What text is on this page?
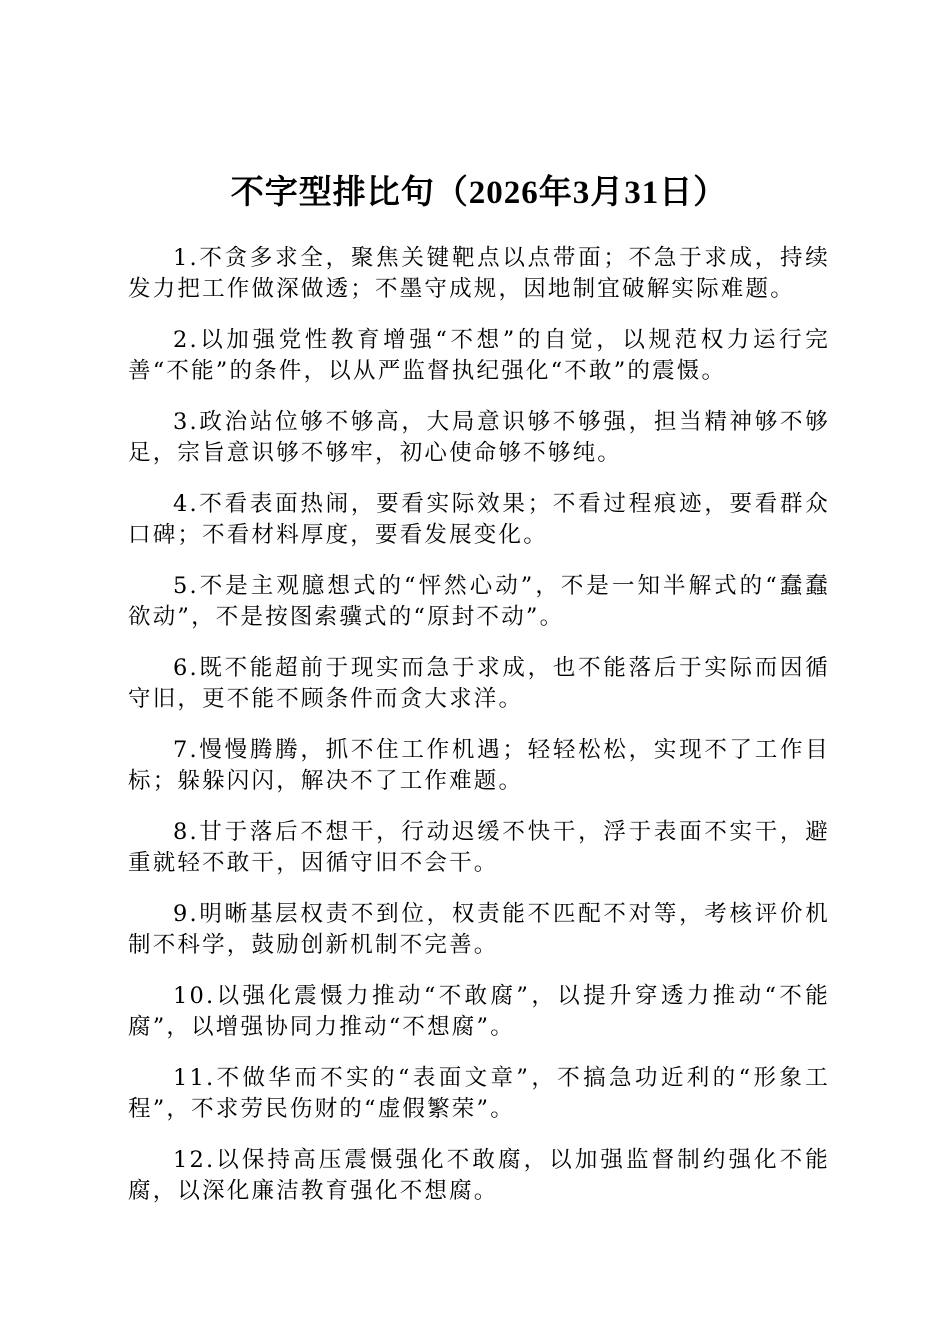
不字型排比句（2026年3月31日）

1.不贪多求全，聚焦关键靶点以点带面；不急于求成，持续发力把工作做深做透；不墨守成规，因地制宜破解实际难题。

2.以加强党性教育增强“不想”的自觉，以规范权力运行完善“不能”的条件，以从严监督执纪强化“不敢”的震慑。

3.政治站位够不够高，大局意识够不够强，担当精神够不够足，宗旨意识够不够牢，初心使命够不够纯。

4.不看表面热闹，要看实际效果；不看过程痕迹，要看群众口碑；不看材料厚度，要看发展变化。

5.不是主观臆想式的“怦然心动”，不是一知半解式的“蠢蠢欲动”，不是按图索骥式的“原封不动”。

6.既不能超前于现实而急于求成，也不能落后于实际而因循守旧，更不能不顾条件而贪大求洋。

7.慢慢腾腾，抓不住工作机遇；轻轻松松，实现不了工作目标；躲躲闪闪，解决不了工作难题。

8.甘于落后不想干，行动迟缓不快干，浮于表面不实干，避重就轻不敢干，因循守旧不会干。

9.明晰基层权责不到位，权责能不匹配不对等，考核评价机制不科学，鼓励创新机制不完善。

10.以强化震慑力推动“不敢腐”，以提升穿透力推动“不能腐”，以增强协同力推动“不想腐”。

11.不做华而不实的“表面文章”，不搞急功近利的“形象工程”，不求劳民伤财的“虚假繁荣”。

12.以保持高压震慑强化不敢腐，以加强监督制约强化不能腐，以深化廉洁教育强化不想腐。
